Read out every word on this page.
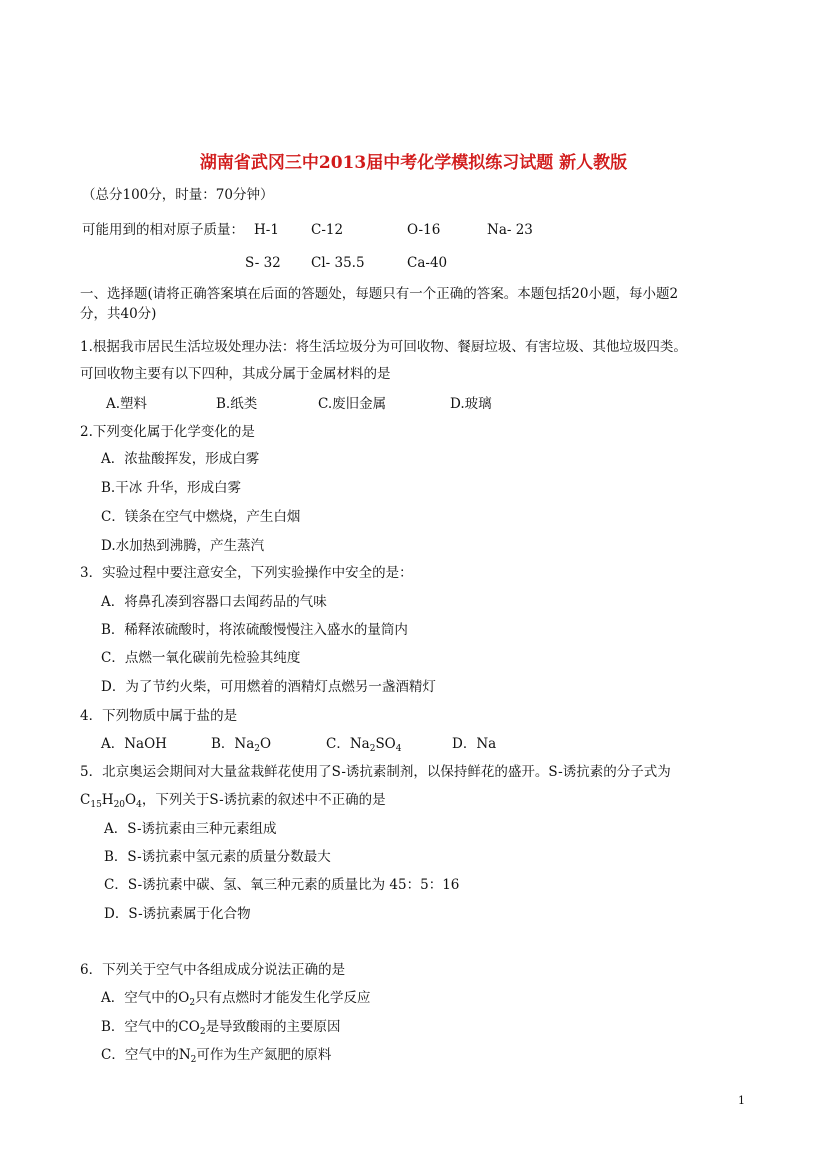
湖南省武冈三中2013届中考化学模拟练习试题 新人教版
（总分100分，时量：70分钟）
可能用到的相对原子质量： H-1 C-12	O-16	Na- 23
S- 32 Cl- 35.5	Ca-40
一、选择题(请将正确答案填在后面的答题处，每题只有一个正确的答案。本题包括20小题，每小题2
分，共40分)
1.根据我市居民生活垃圾处理办法：将生活垃圾分为可回收物、餐厨垃圾、有害垃圾、其他垃圾四类。
可回收物主要有以下四种，其成分属于金属材料的是
A.塑料	B.纸类	C.废旧金属	D.玻璃
2.下列变化属于化学变化的是
A．浓盐酸挥发，形成白雾
B.干冰 升华，形成白雾
C．镁条在空气中燃烧，产生白烟
D.水加热到沸腾，产生蒸汽
3．实验过程中要注意安全，下列实验操作中安全的是：
A．将鼻孔凑到容器口去闻药品的气味
B．稀释浓硫酸时，将浓硫酸慢慢注入盛水的量筒内
C．点燃一氧化碳前先检验其纯度
D．为了节约火柴，可用燃着的酒精灯点燃另一盏酒精灯
4．下列物质中属于盐的是
A．NaOH	B．$Na_2O$	C．$Na_2SO_4$	D．Na
5．北京奥运会期间对大量盆栽鲜花使用了S-诱抗素制剂，以保持鲜花的盛开。S-诱抗素的分子式为
$C_{15}H_{20}O_4$，下列关于S-诱抗素的叙述中不正确的是
A．S-诱抗素由三种元素组成
B．S-诱抗素中氢元素的质量分数最大
C．S-诱抗素中碳、氢、氧三种元素的质量比为 45：5：16
D．S-诱抗素属于化合物
6．下列关于空气中各组成成分说法正确的是
A．空气中的$O_2$只有点燃时才能发生化学反应
B．空气中的$CO_2$是导致酸雨的主要原因
C．空气中的$N_2$可作为生产氮肥的原料
1
